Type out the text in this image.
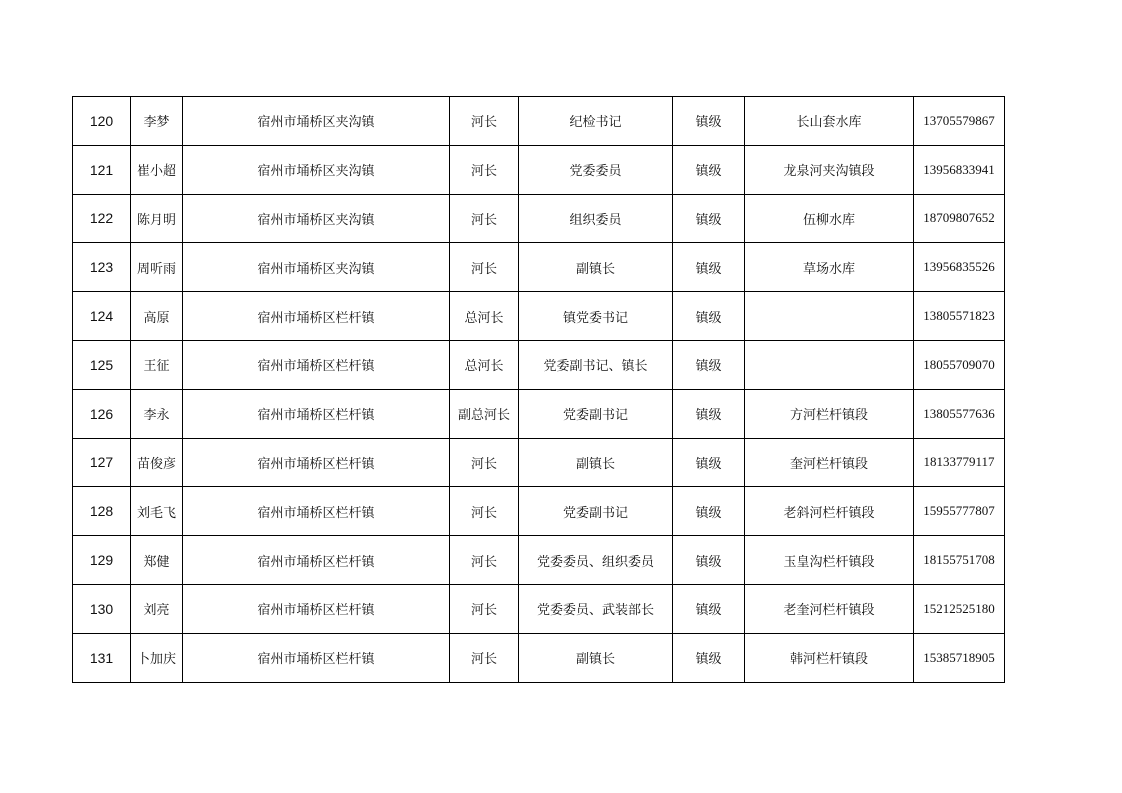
120	李梦	宿州市埇桥区夹沟镇	河长	纪检书记	镇级	长山套水库	13705579867
121	崔小超	宿州市埇桥区夹沟镇	河长	党委委员	镇级	龙泉河夹沟镇段	13956833941
122	陈月明	宿州市埇桥区夹沟镇	河长	组织委员	镇级	伍柳水库	18709807652
123	周听雨	宿州市埇桥区夹沟镇	河长	副镇长	镇级	草场水库	13956835526
124	高原	宿州市埇桥区栏杆镇	总河长	镇党委书记	镇级		13805571823
125	王征	宿州市埇桥区栏杆镇	总河长	党委副书记、镇长	镇级		18055709070
126	李永	宿州市埇桥区栏杆镇	副总河长	党委副书记	镇级	方河栏杆镇段	13805577636
127	苗俊彦	宿州市埇桥区栏杆镇	河长	副镇长	镇级	奎河栏杆镇段	18133779117
128	刘毛飞	宿州市埇桥区栏杆镇	河长	党委副书记	镇级	老斜河栏杆镇段	15955777807
129	郑健	宿州市埇桥区栏杆镇	河长	党委委员、组织委员	镇级	玉皇沟栏杆镇段	18155751708
130	刘亮	宿州市埇桥区栏杆镇	河长	党委委员、武装部长	镇级	老奎河栏杆镇段	15212525180
131	卜加庆	宿州市埇桥区栏杆镇	河长	副镇长	镇级	韩河栏杆镇段	15385718905
